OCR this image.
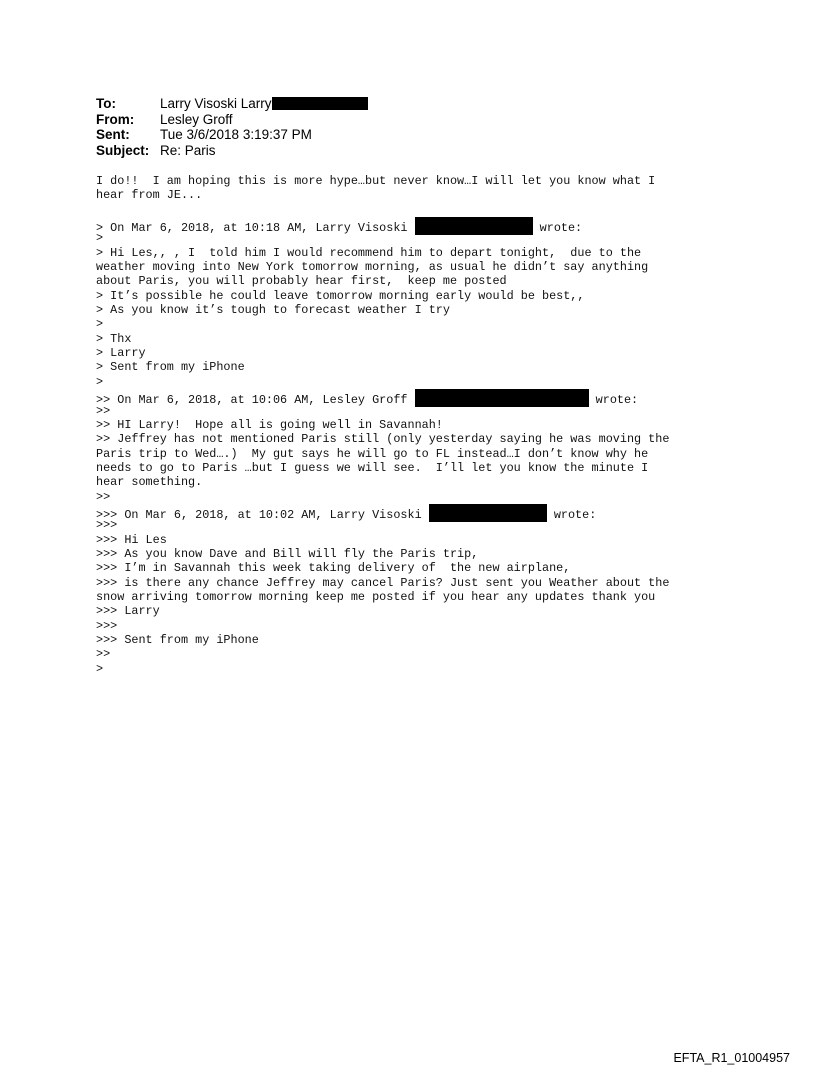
To:	Larry Visoski Larry
From: Lesley Groff
Sent: Tue 3/6/2018 3:19:37 PM
Subject: Re: Paris
I do!!  I am hoping this is more hype…but never know…I will let you know what I
hear from JE...
> On Mar 6, 2018, at 10:18 AM, Larry Visoski	wrote:
>
> Hi Les,, , I  told him I would recommend him to depart tonight,  due to the
weather moving into New York tomorrow morning, as usual he didn’t say anything
about Paris, you will probably hear first,  keep me posted
> It’s possible he could leave tomorrow morning early would be best,,
> As you know it’s tough to forecast weather I try
>
> Thx
> Larry
> Sent from my iPhone
>
>> On Mar 6, 2018, at 10:06 AM, Lesley Groff	wrote:
>>
>> HI Larry!  Hope all is going well in Savannah!
>> Jeffrey has not mentioned Paris still (only yesterday saying he was moving the
Paris trip to Wed….)  My gut says he will go to FL instead…I don’t know why he
needs to go to Paris …but I guess we will see.  I’ll let you know the minute I
hear something.
>>
>>> On Mar 6, 2018, at 10:02 AM, Larry Visoski	wrote:
>>>
>>> Hi Les
>>> As you know Dave and Bill will fly the Paris trip,
>>> I’m in Savannah this week taking delivery of  the new airplane,
>>> is there any chance Jeffrey may cancel Paris? Just sent you Weather about the
snow arriving tomorrow morning keep me posted if you hear any updates thank you
>>> Larry
>>>
>>> Sent from my iPhone
>>
>
EFTA_R1_01004957
